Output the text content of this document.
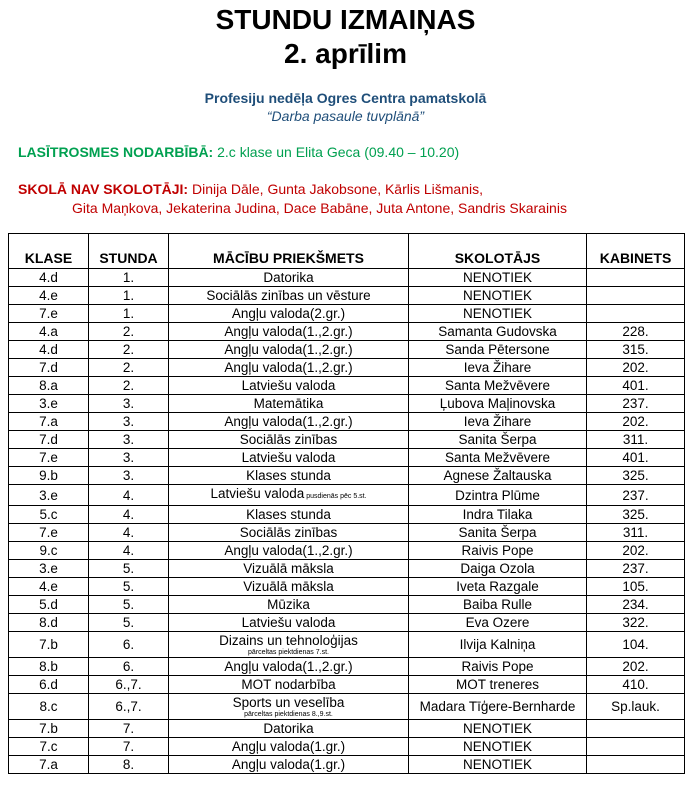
STUNDU IZMAIŅAS
2. aprīlim
Profesiju nedēļa Ogres Centra pamatskolā
“Darba pasaule tuvplānā”
LASĪTROSMES NODARBĪBĀ: 2.c klase un Elita Geca (09.40 – 10.20)
SKOLĀ NAV SKOLOTĀJI: Dinija Dāle, Gunta Jakobsone, Kārlis Lišmanis,
Gita Maņkova, Jekaterina Judina, Dace Babāne, Juta Antone, Sandris Skarainis
KLASE	STUNDA	MĀCĪBU PRIEKŠMETS	SKOLOTĀJS	KABINETS
4.d	1.	Datorika	NENOTIEK	
4.e	1.	Sociālās zinības un vēsture	NENOTIEK	
7.e	1.	Angļu valoda(2.gr.)	NENOTIEK	
4.a	2.	Angļu valoda(1.,2.gr.)	Samanta Gudovska	228.
4.d	2.	Angļu valoda(1.,2.gr.)	Sanda Pētersone	315.
7.d	2.	Angļu valoda(1.,2.gr.)	Ieva Žihare	202.
8.a	2.	Latviešu valoda	Santa Mežvēvere	401.
3.e	3.	Matemātika	Ļubova Maļinovska	237.
7.a	3.	Angļu valoda(1.,2.gr.)	Ieva Žihare	202.
7.d	3.	Sociālās zinības	Sanita Šerpa	311.
7.e	3.	Latviešu valoda	Santa Mežvēvere	401.
9.b	3.	Klases stunda	Agnese Žaltauska	325.
3.e	4.	Latviešu valoda pusdienās pēc 5.st.	Dzintra Plūme	237.
5.c	4.	Klases stunda	Indra Tilaka	325.
7.e	4.	Sociālās zinības	Sanita Šerpa	311.
9.c	4.	Angļu valoda(1.,2.gr.)	Raivis Pope	202.
3.e	5.	Vizuālā māksla	Daiga Ozola	237.
4.e	5.	Vizuālā māksla	Iveta Razgale	105.
5.d	5.	Mūzika	Baiba Rulle	234.
8.d	5.	Latviešu valoda	Eva Ozere	322.
7.b	6.	Dizains un tehnoloģijas
pārceltas piektdienas 7.st.	Ilvija Kalniņa	104.
8.b	6.	Angļu valoda(1.,2.gr.)	Raivis Pope	202.
6.d	6.,7.	MOT nodarbība	MOT treneres	410.
8.c	6.,7.	Sports un veselība
pārceltas piektdienas 8.,9.st.	Madara Tīģere-Bernharde	Sp.lauk.
7.b	7.	Datorika	NENOTIEK	
7.c	7.	Angļu valoda(1.gr.)	NENOTIEK	
7.a	8.	Angļu valoda(1.gr.)	NENOTIEK	
